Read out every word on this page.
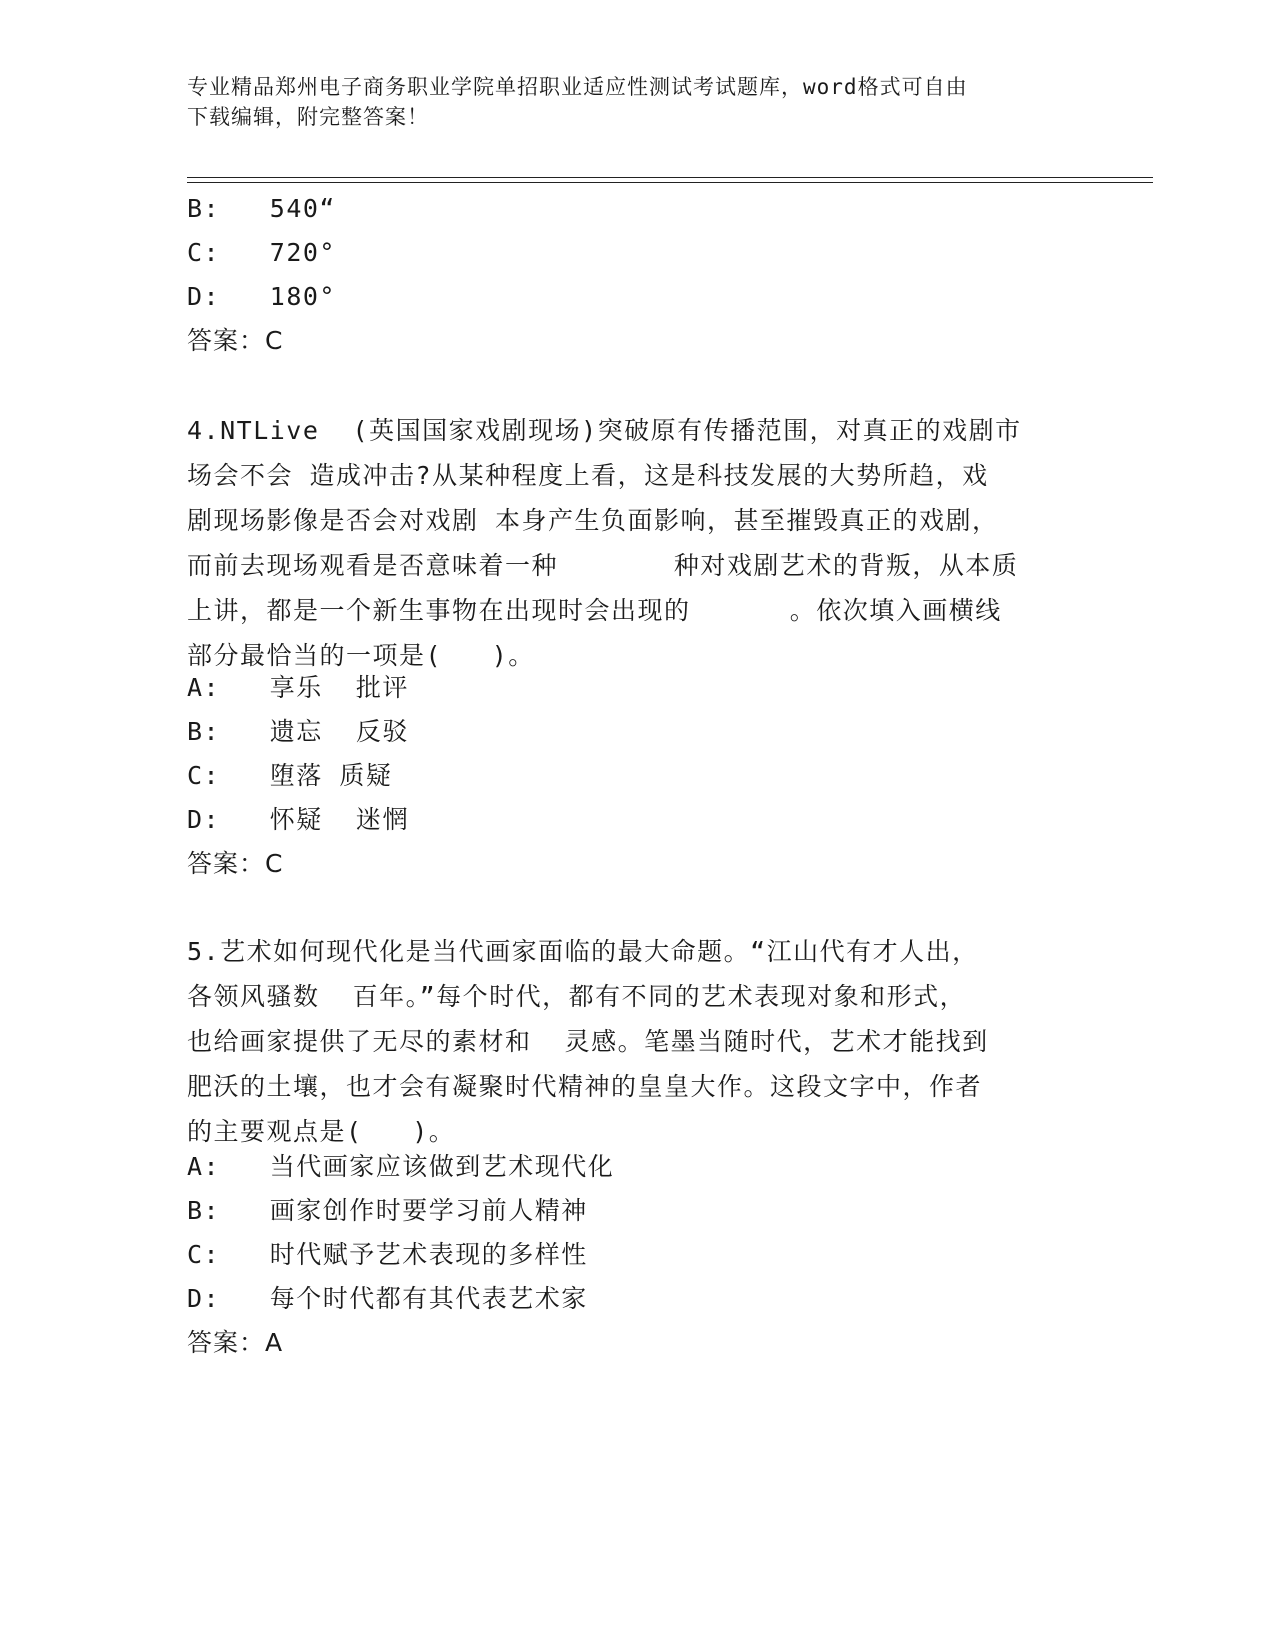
专业精品郑州电子商务职业学院单招职业适应性测试考试题库，word格式可自由
下载编辑，附完整答案！
B: 540“
C: 720°
D: 180°
答案：C
4.NTLive  (英国国家戏剧现场)突破原有传播范围，对真正的戏剧市
场会不会 造成冲击?从某种程度上看，这是科技发展的大势所趋，戏
剧现场影像是否会对戏剧 本身产生负面影响，甚至摧毁真正的戏剧，
而前去现场观看是否意味着一种       种对戏剧艺术的背叛，从本质
上讲，都是一个新生事物在出现时会出现的      。依次填入画横线
部分最恰当的一项是(   )。
A: 享乐  批评
B: 遗忘  反驳
C: 堕落 质疑
D: 怀疑  迷惘
答案：C
5.艺术如何现代化是当代画家面临的最大命题。“江山代有才人出，
各领风骚数  百年。”每个时代，都有不同的艺术表现对象和形式，
也给画家提供了无尽的素材和  灵感。笔墨当随时代，艺术才能找到
肥沃的土壤，也才会有凝聚时代精神的皇皇大作。这段文字中，作者
的主要观点是(   )。
A: 当代画家应该做到艺术现代化
B: 画家创作时要学习前人精神
C: 时代赋予艺术表现的多样性
D: 每个时代都有其代表艺术家
答案：A
